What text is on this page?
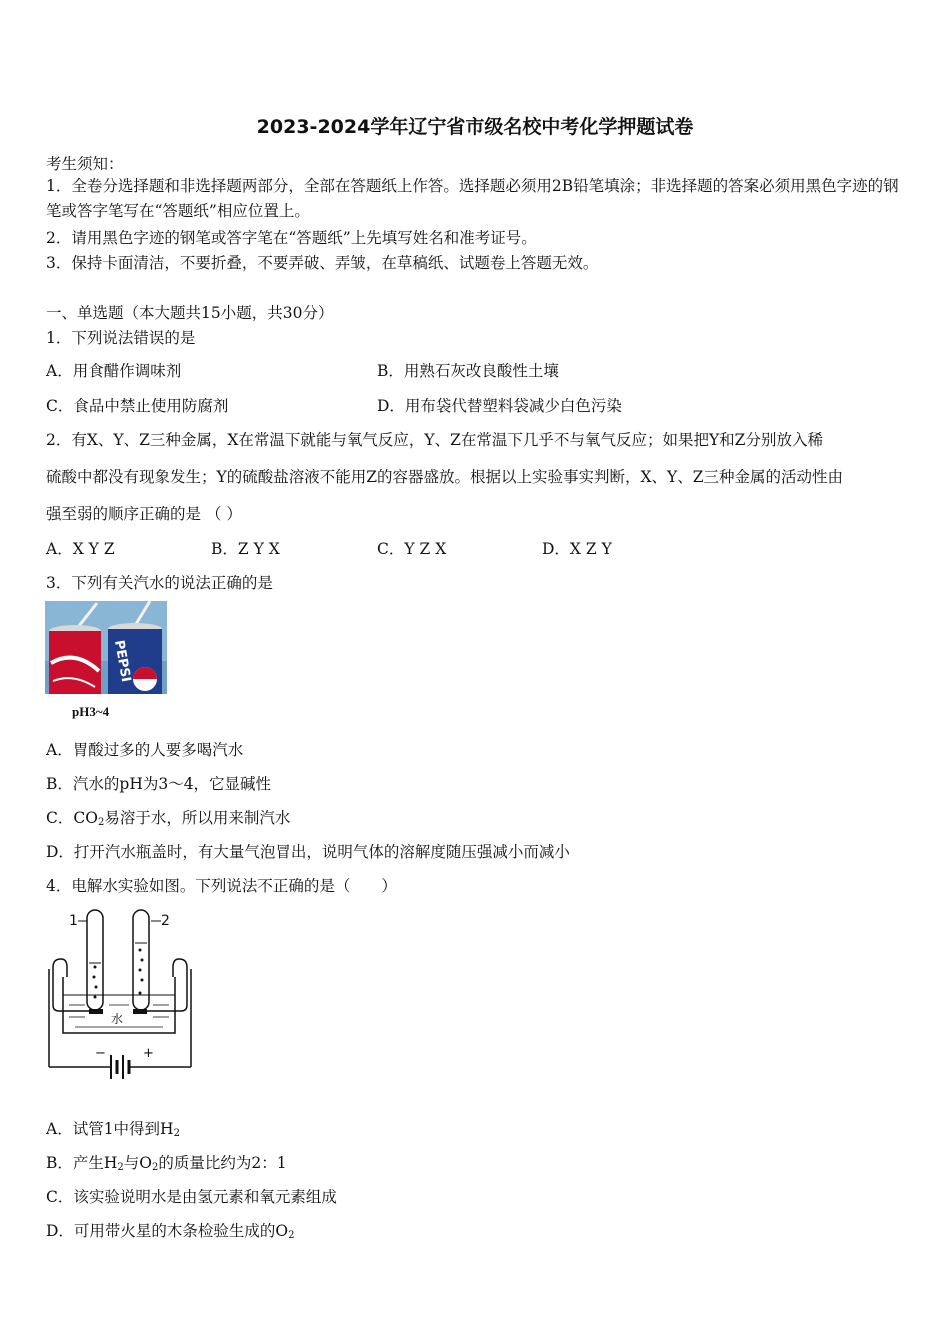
2023-2024学年辽宁省市级名校中考化学押题试卷
考生须知：
1．全卷分选择题和非选择题两部分，全部在答题纸上作答。选择题必须用2B铅笔填涂；非选择题的答案必须用黑色字迹的钢笔或答字笔写在“答题纸”相应位置上。
2．请用黑色字迹的钢笔或答字笔在“答题纸”上先填写姓名和准考证号。
3．保持卡面清洁，不要折叠，不要弄破、弄皱，在草稿纸、试题卷上答题无效。
一、单选题（本大题共15小题，共30分）
1．下列说法错误的是
A．用食醋作调味剂	B．用熟石灰改良酸性土壤
C．食品中禁止使用防腐剂	D．用布袋代替塑料袋减少白色污染
2．有X、Y、Z三种金属，X在常温下就能与氧气反应，Y、Z在常温下几乎不与氧气反应；如果把Y和Z分别放入稀
硫酸中都没有现象发生；Y的硫酸盐溶液不能用Z的容器盛放。根据以上实验事实判断，X、Y、Z三种金属的活动性由
强至弱的顺序正确的是 （ ）
A．X Y Z	B．Z Y X	C．Y Z X	D．X Z Y
3．下列有关汽水的说法正确的是
PEPSI
pH3~4
A．胃酸过多的人要多喝汽水
B．汽水的pH为3～4，它显碱性
C．$CO_2$易溶于水，所以用来制汽水
D．打开汽水瓶盖时，有大量气泡冒出，说明气体的溶解度随压强减小而减小
4．电解水实验如图。下列说法不正确的是（　　）
1	2
水
−	+
A．试管1中得到$H_2$
B．产生$H_2$与$O_2$的质量比约为2：1
C．该实验说明水是由氢元素和氧元素组成
D．可用带火星的木条检验生成的$O_2$
